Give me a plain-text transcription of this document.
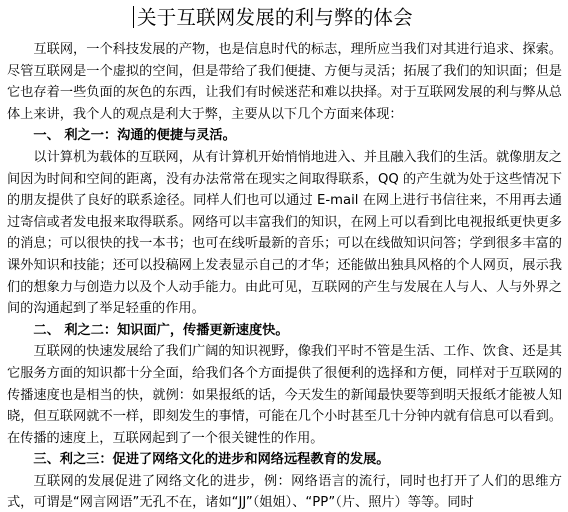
关于互联网发展的利与弊的体会

互联网，一个科技发展的产物，也是信息时代的标志，理所应当我们对其进行追求、探索。尽管互联网是一个虚拟的空间，但是带给了我们便捷、方便与灵活；拓展了我们的知识面；但是它也存着一些负面的灰色的东西，让我们有时候迷茫和难以抉择。对于互联网发展的利与弊从总体上来讲，我个人的观点是利大于弊，主要从以下几个方面来体现：

一、 利之一：沟通的便捷与灵活。

以计算机为载体的互联网，从有计算机开始悄悄地进入、并且融入我们的生活。就像朋友之间因为时间和空间的距离，没有办法常常在现实之间取得联系，QQ 的产生就为处于这些情况下的朋友提供了良好的联系途径。同样人们也可以通过 E-mail 在网上进行书信往来，不用再去通过寄信或者发电报来取得联系。网络可以丰富我们的知识，在网上可以看到比电视报纸更快更多的消息；可以很快的找一本书；也可在线听最新的音乐；可以在线做知识问答；学到很多丰富的课外知识和技能；还可以投稿网上发表显示自己的才华；还能做出独具风格的个人网页，展示我们的想象力与创造力以及个人动手能力。由此可见，互联网的产生与发展在人与人、人与外界之间的沟通起到了举足轻重的作用。

二、 利之二：知识面广，传播更新速度快。

互联网的快速发展给了我们广阔的知识视野，像我们平时不管是生活、工作、饮食、还是其它服务方面的知识都十分全面，给我们各个方面提供了很便利的选择和方便，同样对于互联网的传播速度也是相当的快，就例：如果报纸的话，今天发生的新闻最快要等到明天报纸才能被人知晓，但互联网就不一样，即刻发生的事情，可能在几个小时甚至几十分钟内就有信息可以看到。在传播的速度上，互联网起到了一个很关键性的作用。

三、利之三：促进了网络文化的进步和网络远程教育的发展。

互联网的发展促进了网络文化的进步，例：网络语言的流行，同时也打开了人们的思维方式，可谓是“网言网语”无孔不在，诸如“JJ”（姐姐）、“PP”（片、照片）等等。同时
